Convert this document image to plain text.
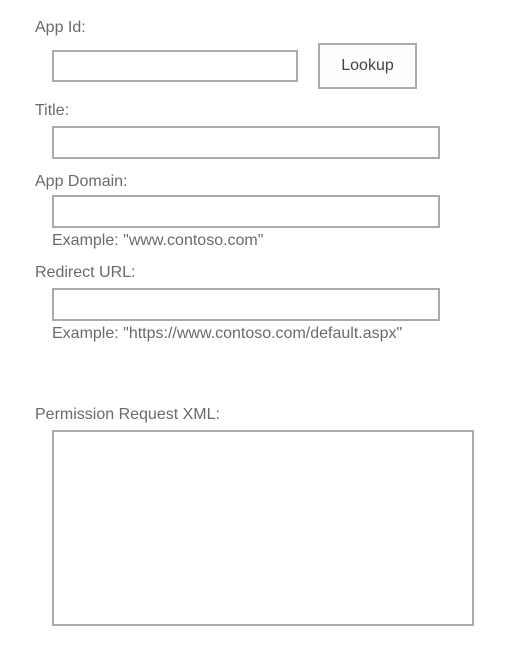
App Id:
Lookup
Title:
App Domain:
Example: "www.contoso.com"
Redirect URL:
Example: "https://www.contoso.com/default.aspx"
Permission Request XML:
